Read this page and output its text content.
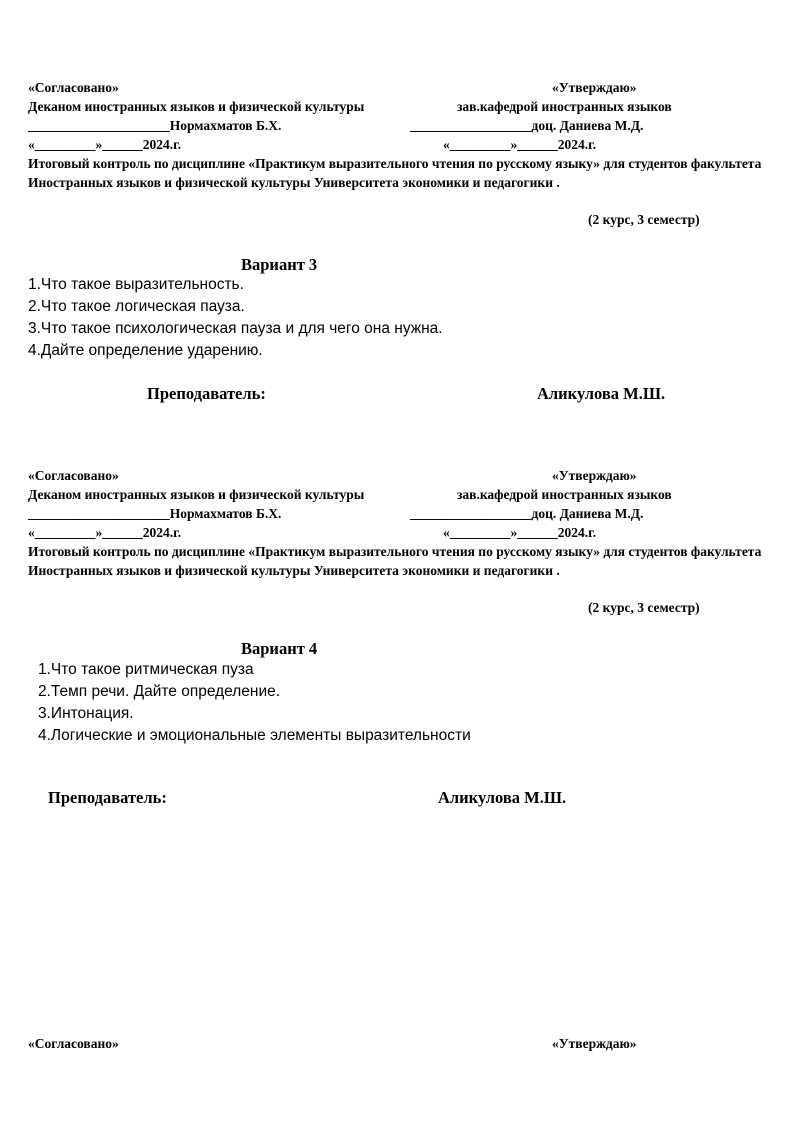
«Согласовано»	«Утверждаю»
Деканом иностранных языков и физической культуры	зав.кафедрой иностранных языков
_____________________Нормахматов Б.Х.	__________________доц. Даниева М.Д.
«_________»______2024.г.	«_________»______2024.г.
Итоговый контроль по дисциплине «Практикум выразительного чтения по русскому языку» для студентов факультета Иностранных языков и физической культуры Университета экономики и педагогики .
(2 курс, 3 семестр)
Вариант 3
1.Что такое выразительность.
2.Что такое логическая пауза.
3.Что такое психологическая пауза и для чего она нужна.
4.Дайте определение ударению.
Преподаватель:	Аликулова М.Ш.
«Согласовано»	«Утверждаю»
Деканом иностранных языков и физической культуры	зав.кафедрой иностранных языков
_____________________Нормахматов Б.Х.	__________________доц. Даниева М.Д.
«_________»______2024.г.	«_________»______2024.г.
Итоговый контроль по дисциплине «Практикум выразительного чтения по русскому языку» для студентов факультета Иностранных языков и физической культуры Университета экономики и педагогики .
(2 курс, 3 семестр)
Вариант 4
1.Что такое ритмическая пуза
2.Темп речи. Дайте определение.
3.Интонация.
4.Логические и эмоциональные элементы выразительности
Преподаватель:	Аликулова М.Ш.
«Согласовано»	«Утверждаю»
